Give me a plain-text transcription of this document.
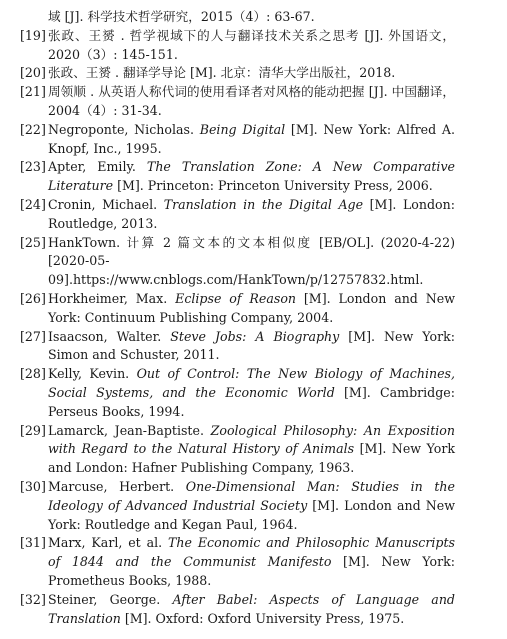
域 [J]. 科学技术哲学研究，2015（4）: 63-67.
[19] 张政、王赟 . 哲学视域下的人与翻译技术关系之思考 [J]. 外国语文，2020（3）: 145-151.
[20] 张政、王赟 . 翻译学导论 [M]. 北京：清华大学出版社，2018.
[21] 周领顺 . 从英语人称代词的使用看译者对风格的能动把握 [J]. 中国翻译，2004（4）: 31-34.
[22] Negroponte, Nicholas. Being Digital [M]. New York: Alfred A. Knopf, Inc., 1995.
[23] Apter, Emily. The Translation Zone: A New Comparative Literature [M]. Princeton: Princeton University Press, 2006.
[24] Cronin, Michael. Translation in the Digital Age [M]. London: Routledge, 2013.
[25] HankTown. 计算 2 篇文本的文本相似度 [EB/OL]. (2020-4-22) [2020-05-09].https://www.cnblogs.com/HankTown/p/12757832.html.
[26] Horkheimer, Max. Eclipse of Reason [M]. London and New York: Continuum Publishing Company, 2004.
[27] Isaacson, Walter. Steve Jobs: A Biography [M]. New York: Simon and Schuster, 2011.
[28] Kelly, Kevin. Out of Control: The New Biology of Machines, Social Systems, and the Economic World [M]. Cambridge: Perseus Books, 1994.
[29] Lamarck, Jean-Baptiste. Zoological Philosophy: An Exposition with Regard to the Natural History of Animals [M]. New York and London: Hafner Publishing Company, 1963.
[30] Marcuse, Herbert. One-Dimensional Man: Studies in the Ideology of Advanced Industrial Society [M]. London and New York: Routledge and Kegan Paul, 1964.
[31] Marx, Karl, et al. The Economic and Philosophic Manuscripts of 1844 and the Communist Manifesto [M]. New York: Prometheus Books, 1988.
[32] Steiner, George. After Babel: Aspects of Language and Translation [M]. Oxford: Oxford University Press, 1975.
